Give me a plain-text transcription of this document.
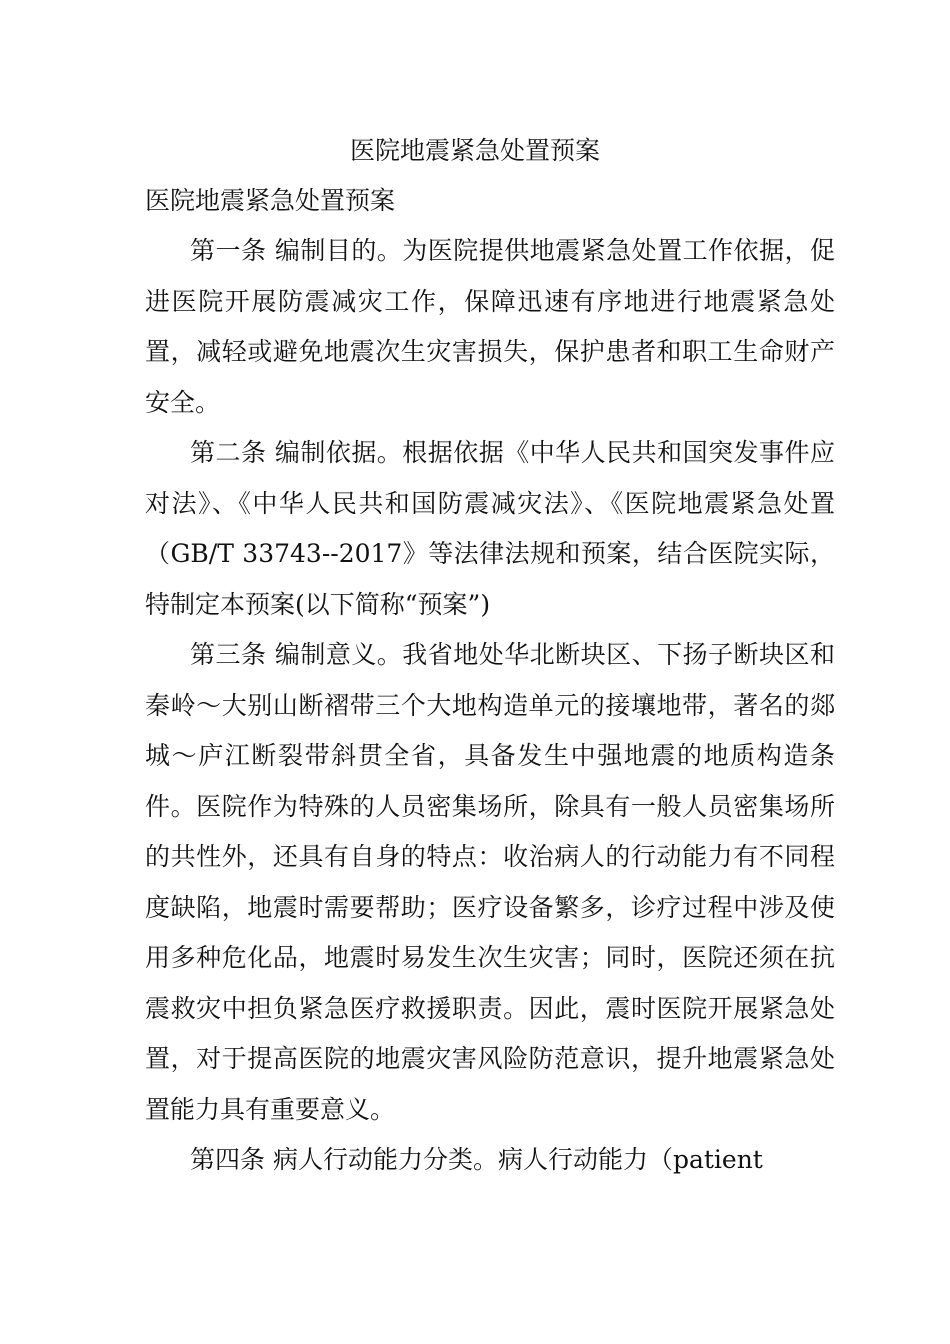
医院地震紧急处置预案
医院地震紧急处置预案

第一条 编制目的。为医院提供地震紧急处置工作依据，促进医院开展防震减灾工作，保障迅速有序地进行地震紧急处置，减轻或避免地震次生灾害损失，保护患者和职工生命财产安全。

第二条 编制依据。根据依据《中华人民共和国突发事件应对法》、《中华人民共和国防震减灾法》、《医院地震紧急处置（GB/T 33743--2017》等法律法规和预案，结合医院实际，特制定本预案(以下简称“预案”)

第三条 编制意义。我省地处华北断块区、下扬子断块区和秦岭～大别山断褶带三个大地构造单元的接壤地带，著名的郯城～庐江断裂带斜贯全省，具备发生中强地震的地质构造条件。医院作为特殊的人员密集场所，除具有一般人员密集场所的共性外，还具有自身的特点：收治病人的行动能力有不同程度缺陷，地震时需要帮助；医疗设备繁多，诊疗过程中涉及使用多种危化品，地震时易发生次生灾害；同时，医院还须在抗震救灾中担负紧急医疗救援职责。因此，震时医院开展紧急处置，对于提高医院的地震灾害风险防范意识，提升地震紧急处置能力具有重要意义。

第四条 病人行动能力分类。病人行动能力（patient
